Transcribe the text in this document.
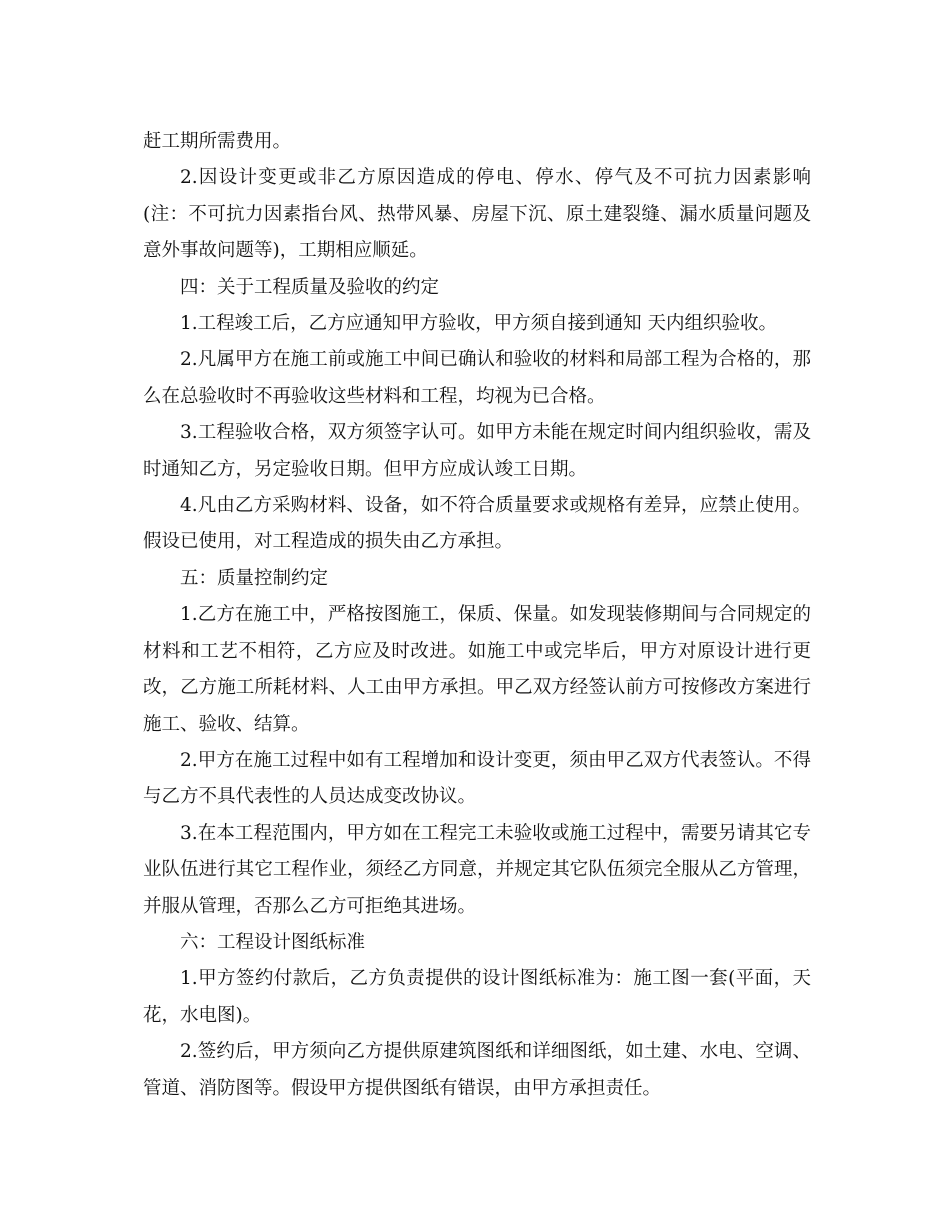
赶工期所需费用。

2.因设计变更或非乙方原因造成的停电、停水、停气及不可抗力因素影响(注：不可抗力因素指台风、热带风暴、房屋下沉、原土建裂缝、漏水质量问题及意外事故问题等)，工期相应顺延。

四：关于工程质量及验收的约定

1.工程竣工后，乙方应通知甲方验收，甲方须自接到通知 天内组织验收。

2.凡属甲方在施工前或施工中间已确认和验收的材料和局部工程为合格的，那么在总验收时不再验收这些材料和工程，均视为已合格。

3.工程验收合格，双方须签字认可。如甲方未能在规定时间内组织验收，需及时通知乙方，另定验收日期。但甲方应成认竣工日期。

4.凡由乙方采购材料、设备，如不符合质量要求或规格有差异，应禁止使用。假设已使用，对工程造成的损失由乙方承担。

五：质量控制约定

1.乙方在施工中，严格按图施工，保质、保量。如发现装修期间与合同规定的材料和工艺不相符，乙方应及时改进。如施工中或完毕后，甲方对原设计进行更改，乙方施工所耗材料、人工由甲方承担。甲乙双方经签认前方可按修改方案进行施工、验收、结算。

2.甲方在施工过程中如有工程增加和设计变更，须由甲乙双方代表签认。不得与乙方不具代表性的人员达成变改协议。

3.在本工程范围内，甲方如在工程完工未验收或施工过程中，需要另请其它专业队伍进行其它工程作业，须经乙方同意，并规定其它队伍须完全服从乙方管理，并服从管理，否那么乙方可拒绝其进场。

六：工程设计图纸标准

1.甲方签约付款后，乙方负责提供的设计图纸标准为：施工图一套(平面，天花，水电图)。

2.签约后，甲方须向乙方提供原建筑图纸和详细图纸，如土建、水电、空调、管道、消防图等。假设甲方提供图纸有错误，由甲方承担责任。
